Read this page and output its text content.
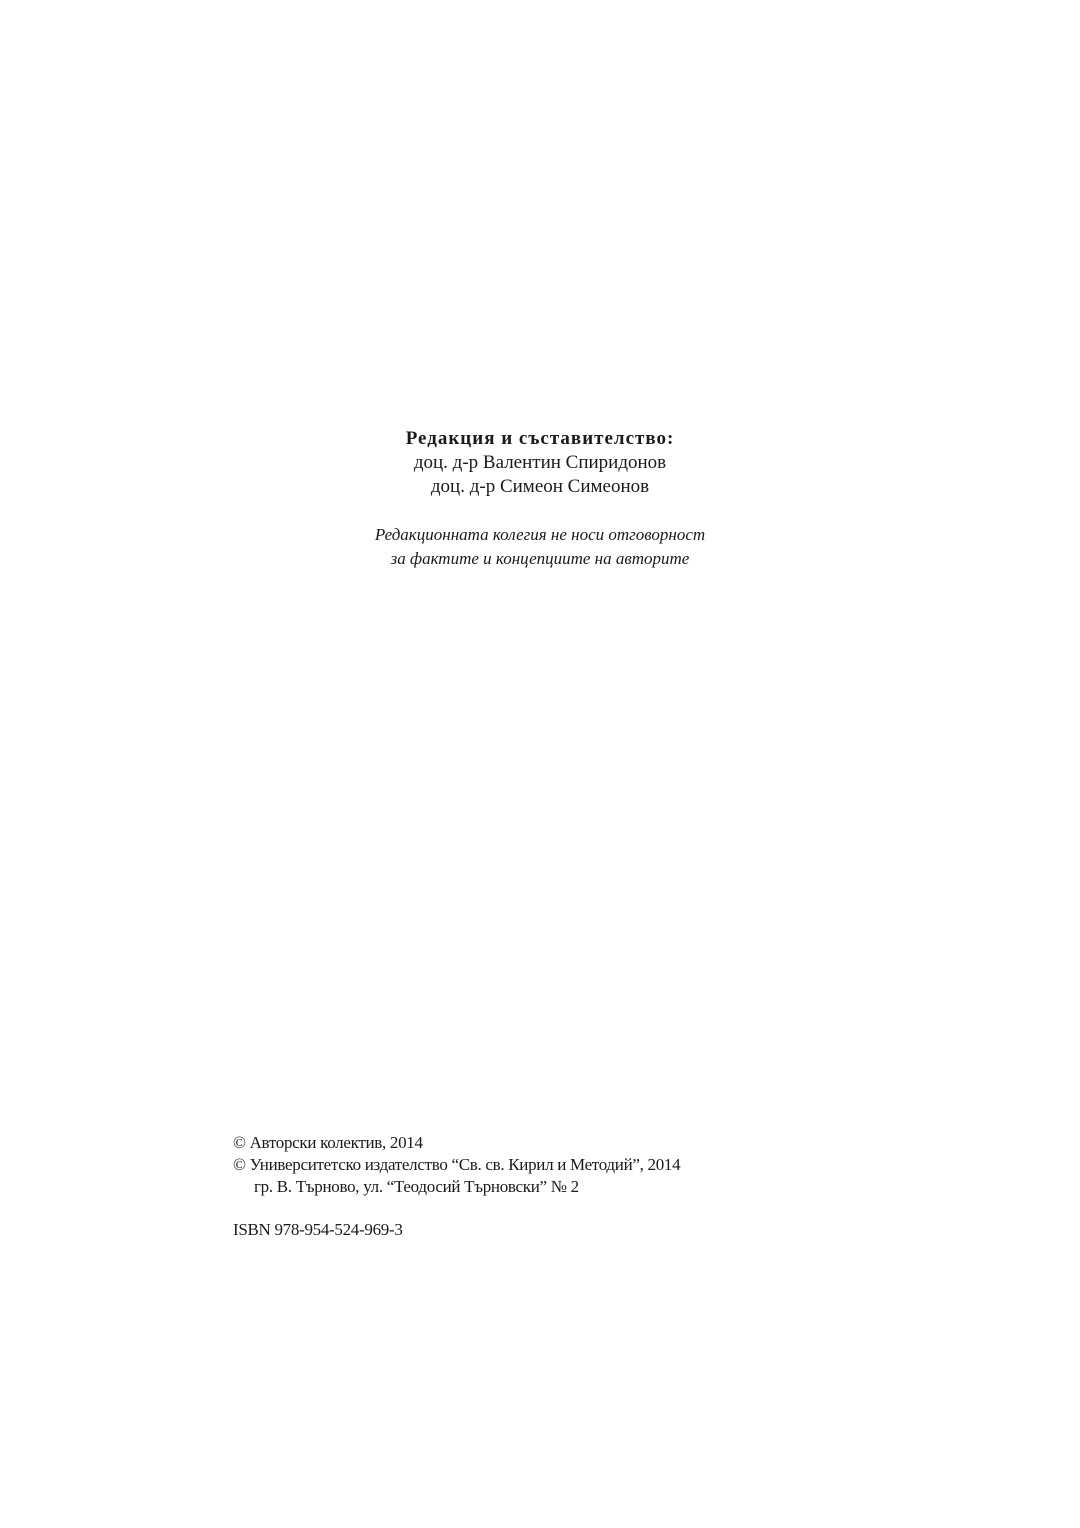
Редакция и съставителство:
доц. д-р Валентин Спиридонов
доц. д-р Симеон Симеонов
Редакционната колегия не носи отговорност
за фактите и концепциите на авторите
© Авторски колектив, 2014
© Университетско издателство “Св. св. Кирил и Методий”, 2014
гр. В. Търново, ул. “Теодосий Търновски” № 2
ISBN 978-954-524-969-3
